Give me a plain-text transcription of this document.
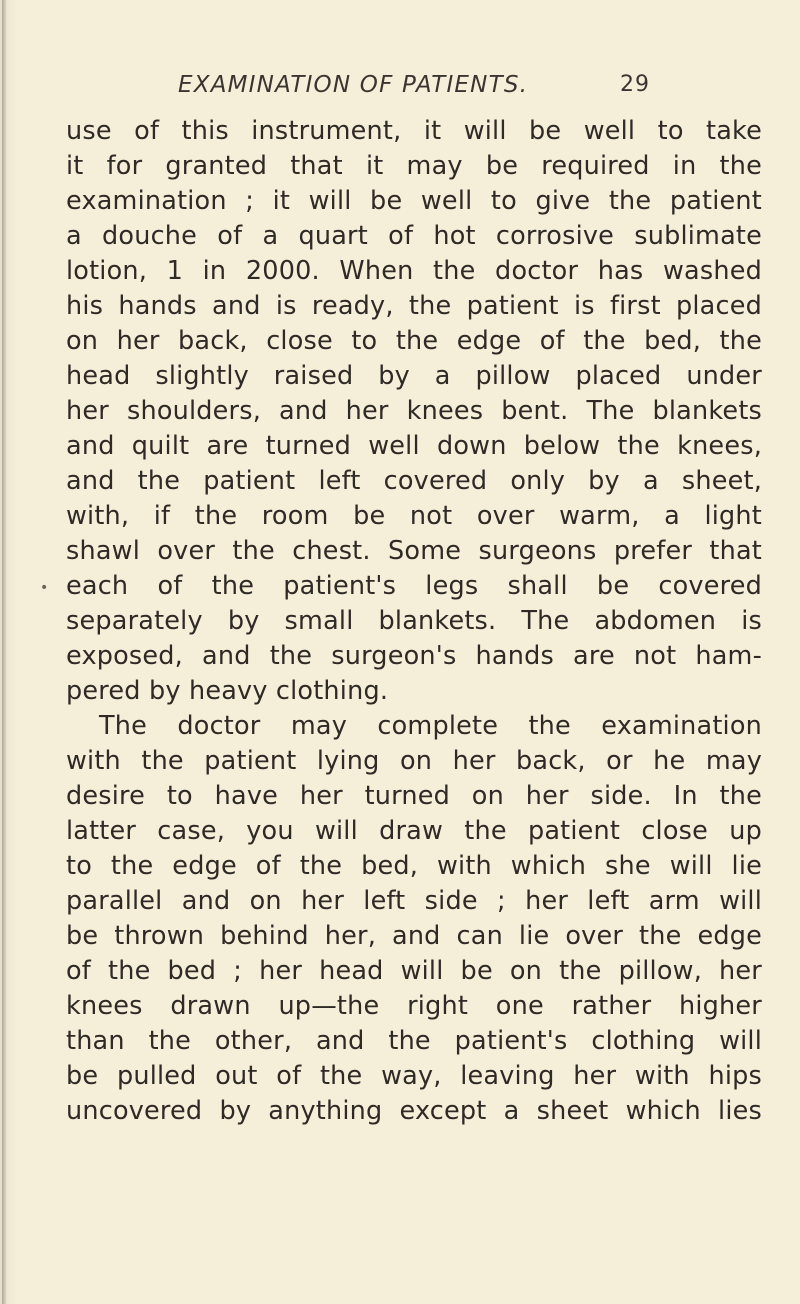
EXAMINATION OF PATIENTS.	29
•
use of this instrument, it will be well to take
it for granted that it may be required in the
examination ; it will be well to give the patient
a douche of a quart of hot corrosive sublimate
lotion, 1 in 2000. When the doctor has washed
his hands and is ready, the patient is first placed
on her back, close to the edge of the bed, the
head slightly raised by a pillow placed under
her shoulders, and her knees bent. The blankets
and quilt are turned well down below the knees,
and the patient left covered only by a sheet,
with, if the room be not over warm, a light
shawl over the chest. Some surgeons prefer that
each of the patient's legs shall be covered
separately by small blankets. The abdomen is
exposed, and the surgeon's hands are not ham-
pered by heavy clothing.
The doctor may complete the examination
with the patient lying on her back, or he may
desire to have her turned on her side. In the
latter case, you will draw the patient close up
to the edge of the bed, with which she will lie
parallel and on her left side ; her left arm will
be thrown behind her, and can lie over the edge
of the bed ; her head will be on the pillow, her
knees drawn up—the right one rather higher
than the other, and the patient's clothing will
be pulled out of the way, leaving her with hips
uncovered by anything except a sheet which lies
